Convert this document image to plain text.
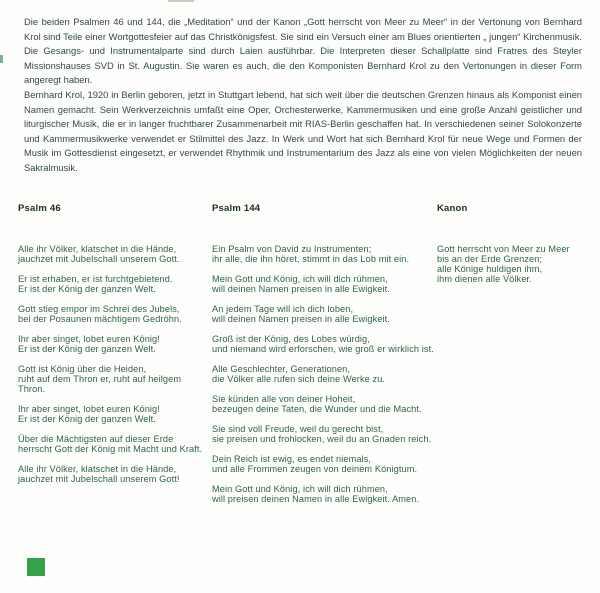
Die beiden Psalmen 46 und 144, die „Meditation“ und der Kanon „Gott herrscht von Meer zu Meer“ in der Vertonung von Bernhard Krol sind Teile einer Wortgottesfeier auf das Christkönigsfest. Sie sind ein Versuch einer am Blues orientierten „ jungen“ Kirchenmusik. Die Gesangs- und Instrumentalparte sind durch Laien ausführbar. Die Interpreten dieser Schallplatte sind Fratres des Steyler Missionshauses SVD in St. Augustin. Sie waren es auch, die den Komponisten Bernhard Krol zu den Vertonungen in dieser Form angeregt haben.

Bernhard Krol, 1920 in Berlin geboren, jetzt in Stuttgart lebend, hat sich weit über die deutschen Grenzen hinaus als Komponist einen Namen gemacht. Sein Werkverzeichnis umfaßt eine Oper, Orchesterwerke, Kammermusiken und eine große Anzahl geistlicher und liturgischer Musik, die er in langer fruchtbarer Zusammenarbeit mit RIAS-Berlin geschaffen hat. In verschiedenen seiner Solokonzerte und Kammermusikwerke verwendet er Stilmittel des Jazz. In Werk und Wort hat sich Bernhard Krol für neue Wege und Formen der Musik im Gottesdienst eingesetzt, er verwendet Rhythmik und Instrumentarium des Jazz als eine von vielen Möglichkeiten der neuen Sakralmusik.

Psalm 46

Alle ihr Völker, klatschet in die Hände,
jauchzet mit Jubelschall unserem Gott.

Er ist erhaben, er ist furchtgebietend.
Er ist der König der ganzen Welt.

Gott stieg empor im Schrei des Jubels,
bei der Posaunen mächtigem Gedröhn.

Ihr aber singet, lobet euren König!
Er ist der König der ganzen Welt.

Gott ist König über die Heiden,
ruht auf dem Thron er, ruht auf heilgem Thron.

Ihr aber singet, lobet euren König!
Er ist der König der ganzen Welt.

Über die Mächtigsten auf dieser Erde
herrscht Gott der König mit Macht und Kraft.

Alle ihr Völker, klatschet in die Hände,
jauchzet mit Jubelschall unserem Gott!

Psalm 144

Ein Psalm von David zu Instrumenten;
ihr alle, die ihn höret, stimmt in das Lob mit ein.

Mein Gott und König, ich will dich rühmen,
will deinen Namen preisen in alle Ewigkeit.

An jedem Tage will ich dich loben,
will deinen Namen preisen in alle Ewigkeit.

Groß ist der König, des Lobes würdig,
und niemand wird erforschen, wie groß er wirklich ist.

Alle Geschlechter, Generationen,
die Völker alle rufen sich deine Werke zu.

Sie künden alle von deiner Hoheit,
bezeugen deine Taten, die Wunder und die Macht.

Sie sind voll Freude, weil du gerecht bist,
sie preisen und frohlocken, weil du an Gnaden reich.

Dein Reich ist ewig, es endet niemals,
und alle Frommen zeugen von deinem Königtum.

Mein Gott und König, ich will dich rühmen,
will preisen deinen Namen in alle Ewigkeit. Amen.

Kanon

Gott herrscht von Meer zu Meer
bis an der Erde Grenzen;
alle Könige huldigen ihm,
ihm dienen alle Völker.
